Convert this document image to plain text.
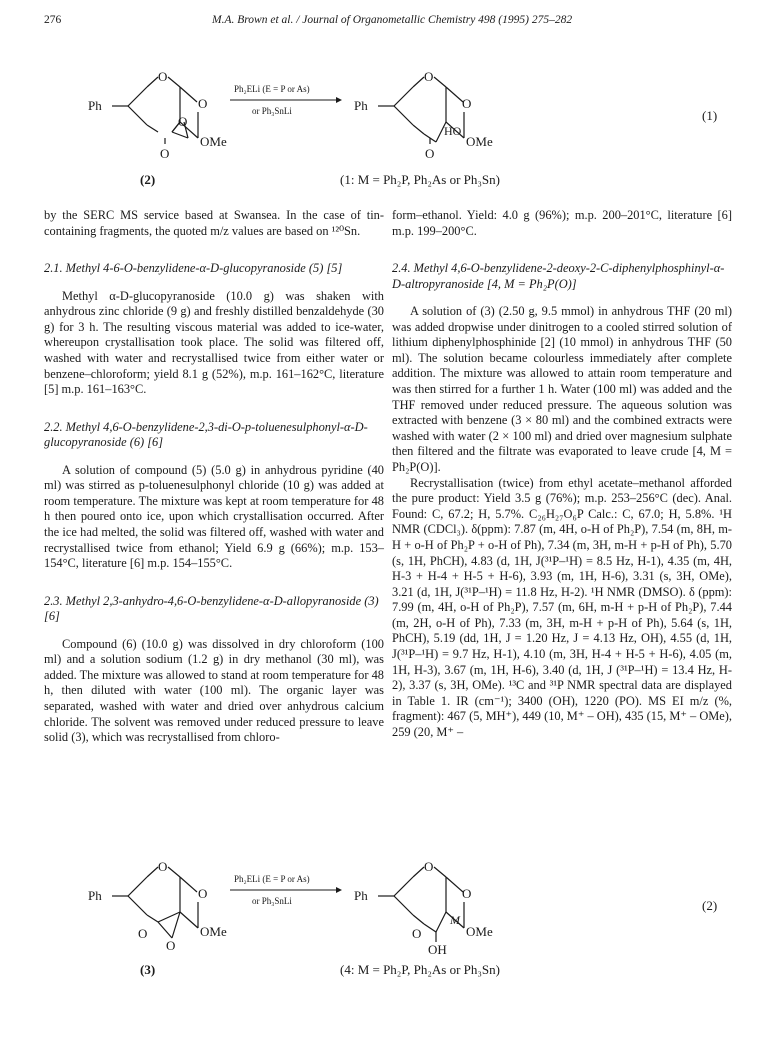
276	M.A. Brown et al. / Journal of Organometallic Chemistry 498 (1995) 275–282
Ph
O
O
O
OMe
O
Ph₂ELi (E = P or As)
or Ph₃SnLi	Ph
O
O
HO
OMe
O
(1)
(2)	(1: M = Ph₂P, Ph₂As or Ph₃Sn)

by the SERC MS service based at Swansea. In the case of tin-containing fragments, the quoted m/z values are based on ¹²⁰Sn.

2.1. Methyl 4-6-O-benzylidene-α-D-glucopyranoside (5) [5]

Methyl α-D-glucopyranoside (10.0 g) was shaken with anhydrous zinc chloride (9 g) and freshly distilled benzaldehyde (30 g) for 3 h. The resulting viscous material was added to ice-water, whereupon crystallisation took place. The solid was filtered off, washed with water and recrystallised twice from either water or benzene–chloroform; yield 8.1 g (52%), m.p. 161–162°C, literature [5] m.p. 161–163°C.

2.2. Methyl 4,6-O-benzylidene-2,3-di-O-p-toluenesulphonyl-α-D-glucopyranoside (6) [6]

A solution of compound (5) (5.0 g) in anhydrous pyridine (40 ml) was stirred as p-toluenesulphonyl chloride (10 g) was added at room temperature. The mixture was kept at room temperature for 48 h then poured onto ice, upon which crystallisation occurred. After the ice had melted, the solid was filtered off, washed with water and recrystallised twice from ethanol; Yield 6.9 g (66%); m.p. 153–154°C, literature [6] m.p. 154–155°C.

2.3. Methyl 2,3-anhydro-4,6-O-benzylidene-α-D-allopyranoside (3) [6]

Compound (6) (10.0 g) was dissolved in dry chloroform (100 ml) and a solution sodium (1.2 g) in dry methanol (30 ml), was added. The mixture was allowed to stand at room temperature for 48 h, then diluted with water (100 ml). The organic layer was separated, washed with water and dried over anhydrous calcium chloride. The solvent was removed under reduced pressure to leave solid (3), which was recrystallised from chloro-

form–ethanol. Yield: 4.0 g (96%); m.p. 200–201°C, literature [6] m.p. 199–200°C.

2.4. Methyl 4,6-O-benzylidene-2-deoxy-2-C-diphenylphosphinyl-α-D-altropyranoside [4, M = Ph₂P(O)]

A solution of (3) (2.50 g, 9.5 mmol) in anhydrous THF (20 ml) was added dropwise under dinitrogen to a cooled stirred solution of lithium diphenylphosphinide [2] (10 mmol) in anhydrous THF (50 ml). The solution became colourless immediately after complete addition. The mixture was allowed to attain room temperature and was then stirred for a further 1 h. Water (100 ml) was added and the THF removed under reduced pressure. The aqueous solution was extracted with benzene (3 × 80 ml) and the combined extracts were washed with water (2 × 100 ml) and dried over magnesium sulphate then filtered and the filtrate was evaporated to leave crude [4, M = Ph₂P(O)].

Recrystallisation (twice) from ethyl acetate–methanol afforded the pure product: Yield 3.5 g (76%); m.p. 253–256°C (dec). Anal. Found: C, 67.2; H, 5.7%. C₂₆H₂₇O₆P Calc.: C, 67.0; H, 5.8%. ¹H NMR (CDCl₃). δ(ppm): 7.87 (m, 4H, o-H of Ph₂P), 7.54 (m, 8H, m-H + o-H of Ph₂P + o-H of Ph), 7.34 (m, 3H, m-H + p-H of Ph), 5.70 (s, 1H, PhCH), 4.83 (d, 1H, J(³¹P–¹H) = 8.5 Hz, H-1), 4.35 (m, 4H, H-3 + H-4 + H-5 + H-6), 3.93 (m, 1H, H-6), 3.31 (s, 3H, OMe), 3.21 (d, 1H, J(³¹P–¹H) = 11.8 Hz, H-2). ¹H NMR (DMSO). δ (ppm): 7.99 (m, 4H, o-H of Ph₂P), 7.57 (m, 6H, m-H + p-H of Ph₂P), 7.44 (m, 2H, o-H of Ph), 7.33 (m, 3H, m-H + p-H of Ph), 5.64 (s, 1H, PhCH), 5.19 (dd, 1H, J = 1.20 Hz, J = 4.13 Hz, OH), 4.55 (d, 1H, J(³¹P–¹H) = 9.7 Hz, H-1), 4.10 (m, 3H, H-4 + H-5 + H-6), 4.05 (m, 1H, H-3), 3.67 (m, 1H, H-6), 3.40 (d, 1H, J (³¹P–¹H) = 13.4 Hz, H-2), 3.37 (s, 3H, OMe). ¹³C and ³¹P NMR spectral data are displayed in Table 1. IR (cm⁻¹); 3400 (OH), 1220 (PO). MS EI m/z (%, fragment): 467 (5, MH⁺), 449 (10, M⁺ – OH), 435 (15, M⁺ – OMe), 259 (20, M⁺ –

Ph
O
O
OMe
O
O
Ph₂ELi (E = P or As)
or Ph₃SnLi	Ph
O
O
M
OMe
O
OH
(2)
(3)	(4: M = Ph₂P, Ph₂As or Ph₃Sn)
